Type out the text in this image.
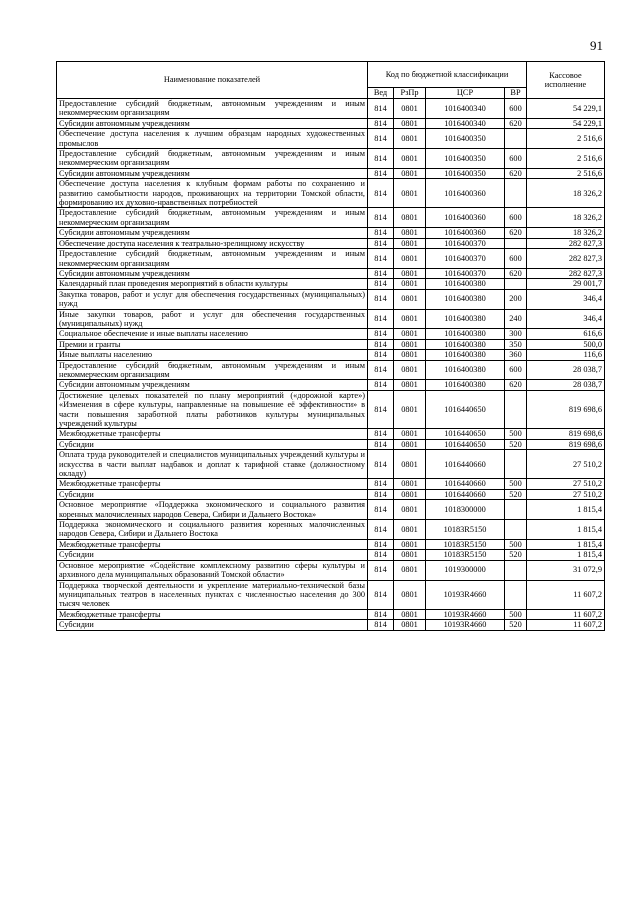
91
Наименование показателей	Код по бюджетной классификации				Кассовое исполнение
	Вед	РзПр	ЦСР	ВР	
Предоставление субсидий бюджетным, автономным учреждениям и иным некоммерческим организациям	814	0801	1016400340	600	54 229,1
Субсидии автономным учреждениям	814	0801	1016400340	620	54 229,1
Обеспечение доступа населения к лучшим образцам народных художественных промыслов	814	0801	1016400350		2 516,6
Предоставление субсидий бюджетным, автономным учреждениям и иным некоммерческим организациям	814	0801	1016400350	600	2 516,6
Субсидии автономным учреждениям	814	0801	1016400350	620	2 516,6
Обеспечение доступа населения к клубным формам работы по сохранению и развитию самобытности народов, проживающих на территории Томской области, формированию их духовно-нравственных потребностей	814	0801	1016400360		18 326,2
Предоставление субсидий бюджетным, автономным учреждениям и иным некоммерческим организациям	814	0801	1016400360	600	18 326,2
Субсидии автономным учреждениям	814	0801	1016400360	620	18 326,2
Обеспечение доступа населения к театрально-зрелищному искусству	814	0801	1016400370		282 827,3
Предоставление субсидий бюджетным, автономным учреждениям и иным некоммерческим организациям	814	0801	1016400370	600	282 827,3
Субсидии автономным учреждениям	814	0801	1016400370	620	282 827,3
Календарный план проведения мероприятий в области культуры	814	0801	1016400380		29 001,7
Закупка товаров, работ и услуг для обеспечения государственных (муниципальных) нужд	814	0801	1016400380	200	346,4
Иные закупки товаров, работ и услуг для обеспечения государственных (муниципальных) нужд	814	0801	1016400380	240	346,4
Социальное обеспечение и иные выплаты населению	814	0801	1016400380	300	616,6
Премии и гранты	814	0801	1016400380	350	500,0
Иные выплаты населению	814	0801	1016400380	360	116,6
Предоставление субсидий бюджетным, автономным учреждениям и иным некоммерческим организациям	814	0801	1016400380	600	28 038,7
Субсидии автономным учреждениям	814	0801	1016400380	620	28 038,7
Достижение целевых показателей по плану мероприятий («дорожной карте») «Изменения в сфере культуры, направленные на повышение её эффективности» в части повышения заработной платы работников культуры муниципальных учреждений культуры	814	0801	1016440650		819 698,6
Межбюджетные трансферты	814	0801	1016440650	500	819 698,6
Субсидии	814	0801	1016440650	520	819 698,6
Оплата труда руководителей и специалистов муниципальных учреждений культуры и искусства в части выплат надбавок и доплат к тарифной ставке (должностному окладу)	814	0801	1016440660		27 510,2
Межбюджетные трансферты	814	0801	1016440660	500	27 510,2
Субсидии	814	0801	1016440660	520	27 510,2
Основное мероприятие «Поддержка экономического и социального развития коренных малочисленных народов Севера, Сибири и Дальнего Востока»	814	0801	1018300000		1 815,4
Поддержка экономического и социального развития коренных малочисленных народов Севера, Сибири и Дальнего Востока	814	0801	10183R5150		1 815,4
Межбюджетные трансферты	814	0801	10183R5150	500	1 815,4
Субсидии	814	0801	10183R5150	520	1 815,4
Основное мероприятие «Содействие комплексному развитию сферы культуры и архивного дела муниципальных образований Томской области»	814	0801	1019300000		31 072,9
Поддержка творческой деятельности и укрепление материально-технической базы муниципальных театров в населенных пунктах с численностью населения до 300 тысяч человек	814	0801	10193R4660		11 607,2
Межбюджетные трансферты	814	0801	10193R4660	500	11 607,2
Субсидии	814	0801	10193R4660	520	11 607,2
